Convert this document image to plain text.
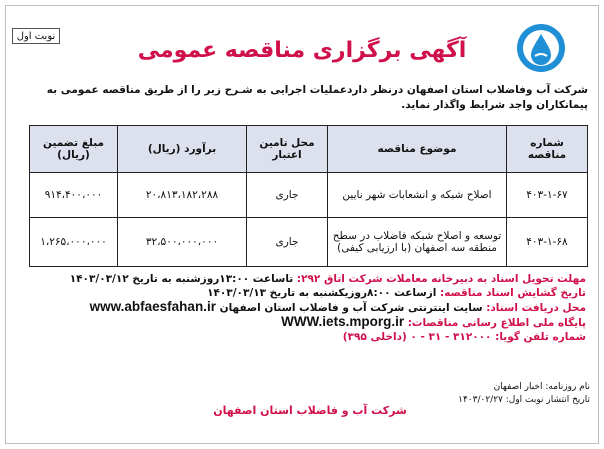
نوبت اول
آگهی برگزاری مناقصه عمومی
شرکت آب وفاضلاب استان اصفهان درنظر داردعملیات اجرایی به شـرح زیر را از طریق مناقصه عمومی به پیمانکاران واجد شرایط واگذار نماید.
شماره مناقصه	موضوع مناقصه	محل تامین اعتبار	برآورد (ریال)	مبلغ تضمین (ریال)
۴۰۳-۱-۶۷	اصلاح شبکه و انشعابات شهر نایین	جاری	۲۰،۸۱۳،۱۸۲،۲۸۸	۹۱۴،۴۰۰،۰۰۰
۴۰۳-۱-۶۸	توسعه و اصلاح شبکه فاضلاب در سطح منطقه سه اصفهان (با ارزیابی کیفی)	جاری	۳۲،۵۰۰،۰۰۰،۰۰۰	۱،۲۶۵،۰۰۰،۰۰۰
مهلت تحویل اسناد به دبیرخانه معاملات شرکت اتاق ۲۹۲: تاساعت ۱۳:۰۰روزشنبه به تاریخ ۱۴۰۳/۰۳/۱۲
تاریخ گشایش اسناد مناقصه: ازساعت ۸:۰۰روزیکشنبه به تاریخ ۱۴۰۳/۰۳/۱۳
محل دریافت اسناد: سایت اینترنتی شرکت آب و فاضلاب استان اصفهان www.abfaesfahan.ir
پایگاه ملی اطلاع رسانی مناقصات: WWW.iets.mporg.ir
شماره تلفن گویا: ۳۱۲۰۰۰ - ۳۱ - ۰ (داخلی ۳۹۵)
نام روزنامه: اخبار اصفهان
تاریخ انتشار نوبت اول: ۱۴۰۳/۰۲/۲۷
شرکت آب و فاضلاب استان اصفهان
